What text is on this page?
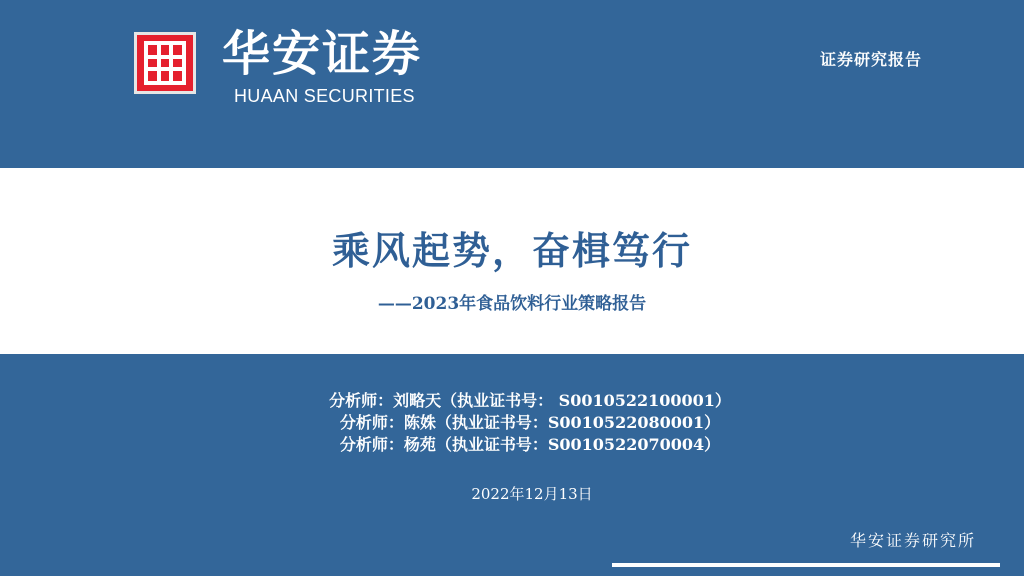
华安证券
HUAAN SECURITIES
证券研究报告
乘风起势，奋楫笃行
——2023年食品饮料行业策略报告
分析师：刘略天（执业证书号： S0010522100001）
分析师：陈姝（执业证书号：S0010522080001）
分析师：杨苑（执业证书号：S0010522070004）
2022年12月13日
华安证券研究所
